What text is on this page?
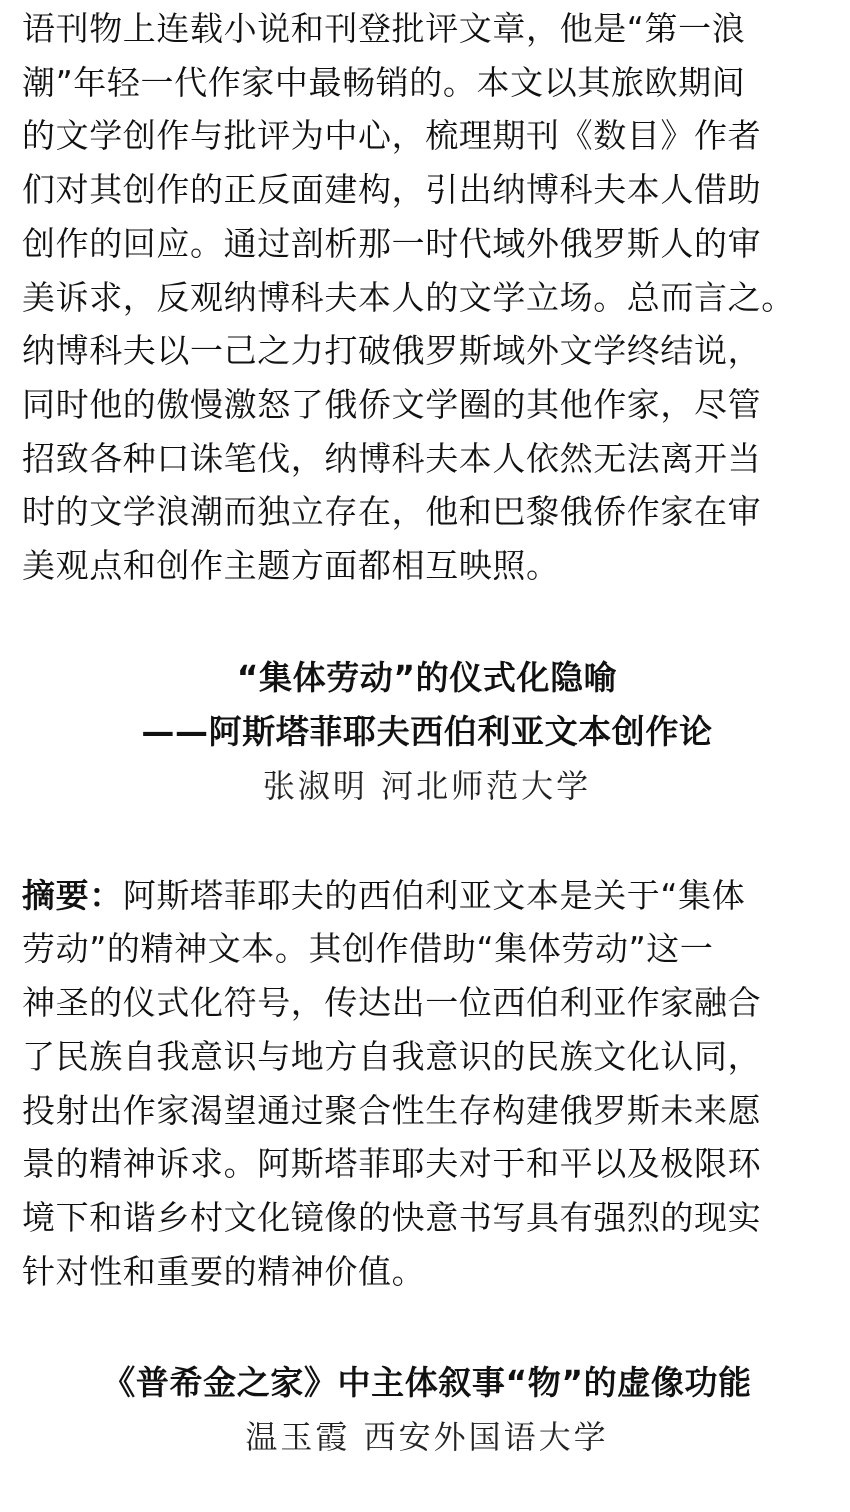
语刊物上连载小说和刊登批评文章，他是“第一浪
潮”年轻一代作家中最畅销的。本文以其旅欧期间
的文学创作与批评为中心，梳理期刊《数目》作者
们对其创作的正反面建构，引出纳博科夫本人借助
创作的回应。通过剖析那一时代域外俄罗斯人的审
美诉求，反观纳博科夫本人的文学立场。总而言之。
纳博科夫以一己之力打破俄罗斯域外文学终结说，
同时他的傲慢激怒了俄侨文学圈的其他作家，尽管
招致各种口诛笔伐，纳博科夫本人依然无法离开当
时的文学浪潮而独立存在，他和巴黎俄侨作家在审
美观点和创作主题方面都相互映照。
“集体劳动”的仪式化隐喻
——阿斯塔菲耶夫西伯利亚文本创作论
张淑明 河北师范大学
摘要：阿斯塔菲耶夫的西伯利亚文本是关于“集体
劳动”的精神文本。其创作借助“集体劳动”这一
神圣的仪式化符号，传达出一位西伯利亚作家融合
了民族自我意识与地方自我意识的民族文化认同，
投射出作家渴望通过聚合性生存构建俄罗斯未来愿
景的精神诉求。阿斯塔菲耶夫对于和平以及极限环
境下和谐乡村文化镜像的快意书写具有强烈的现实
针对性和重要的精神价值。
《普希金之家》中主体叙事“物”的虚像功能
温玉霞 西安外国语大学
